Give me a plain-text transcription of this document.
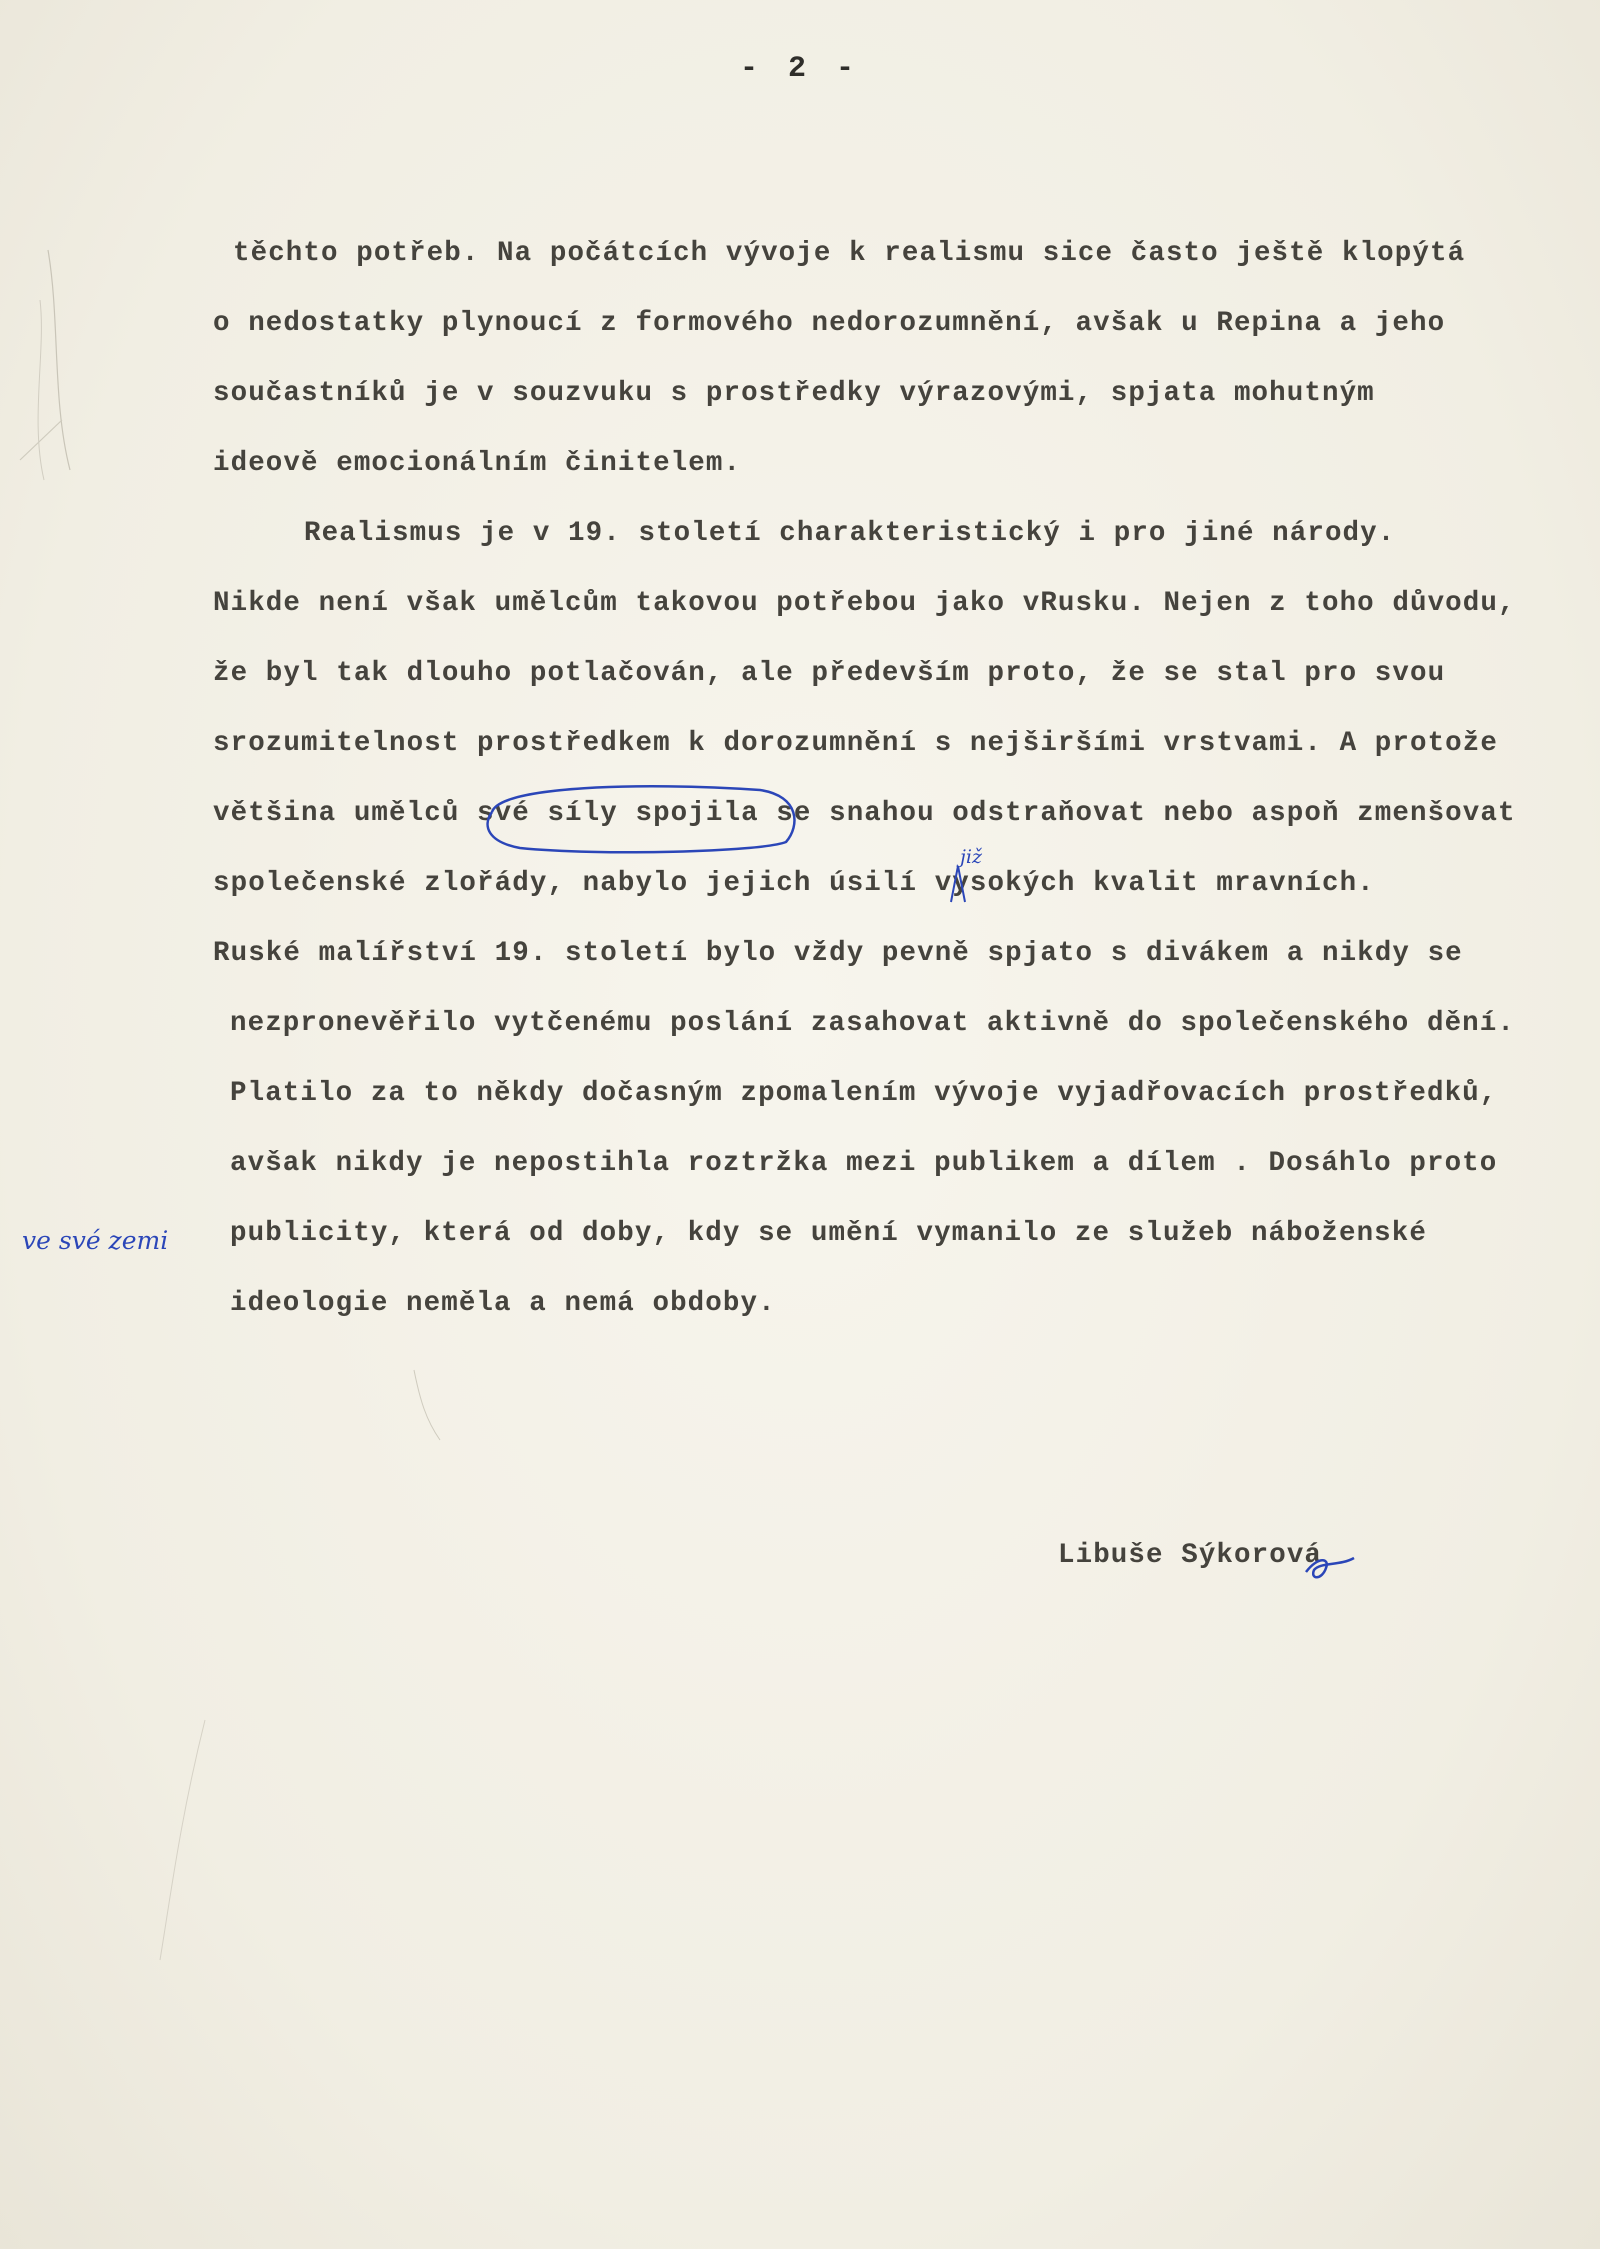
- 2 -
těchto potřeb. Na počátcích vývoje k realismu sice často ještě klopýtá
o nedostatky plynoucí z formového nedorozumnění, avšak u Repina a jeho
součastníků je v souzvuku s prostředky výrazovými, spjata mohutným
ideově emocionálním činitelem.
Realismus je v 19. století charakteristický i pro jiné národy.
Nikde není však umělcům takovou potřebou jako vRusku. Nejen z toho důvodu,
že byl tak dlouho potlačován, ale především proto, že se stal pro svou
srozumitelnost prostředkem k dorozumnění s nejširšími vrstvami. A protože
většina umělců své síly spojila se snahou odstraňovat nebo aspoň zmenšovat
společenské zlořády, nabylo jejich úsilí vysokých kvalit mravních.
Ruské malířství 19. století bylo vždy pevně spjato s divákem a nikdy se
nezpronevěřilo vytčenému poslání zasahovat aktivně do společenského dění.
Platilo za to někdy dočasným zpomalením vývoje vyjadřovacích prostředků,
avšak nikdy je nepostihla roztržka mezi publikem a dílem . Dosáhlo proto
publicity, která od doby, kdy se umění vymanilo ze služeb náboženské
ideologie neměla a nemá obdoby.
Libuše Sýkorová
ve své zemi
již
